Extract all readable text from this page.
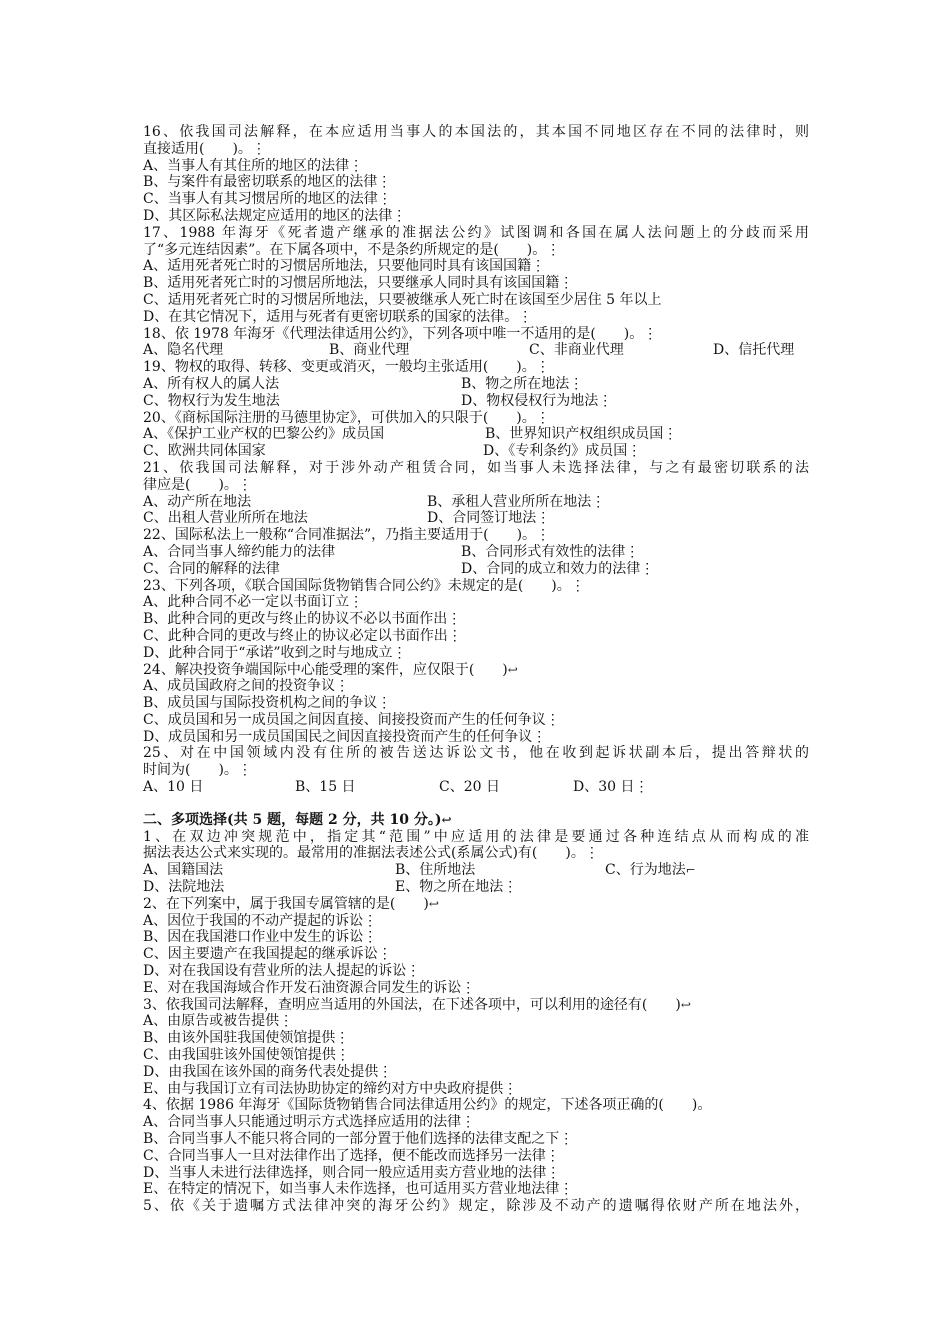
16、依我国司法解释，在本应适用当事人的本国法的，其本国不同地区存在不同的法律时，则
直接适用(　　)。⋮
A、当事人有其住所的地区的法律⋮
B、与案件有最密切联系的地区的法律⋮
C、当事人有其习惯居所的地区的法律⋮
D、其区际私法规定应适用的地区的法律⋮
17、1988 年海牙《死者遗产继承的准据法公约》试图调和各国在属人法问题上的分歧而采用
了“多元连结因素”。在下属各项中，不是条约所规定的是(　　)。⋮
A、适用死者死亡时的习惯居所地法，只要他同时具有该国国籍⋮
B、适用死者死亡时的习惯居所地法，只要继承人同时具有该国国籍⋮
C、适用死者死亡时的习惯居所地法，只要被继承人死亡时在该国至少居住 5 年以上
D、在其它情况下，适用与死者有更密切联系的国家的法律。⋮
18、依 1978 年海牙《代理法律适用公约》，下列各项中唯一不适用的是(　　)。⋮
A、隐名代理	B、商业代理	C、非商业代理	D、信托代理
19、物权的取得、转移、变更或消灭，一般均主张适用(　　)。⋮
A、所有权人的属人法	B、物之所在地法⋮
C、物权行为发生地法	D、物权侵权行为地法⋮
20、《商标国际注册的马德里协定》，可供加入的只限于(　　)。⋮
A、《保护工业产权的巴黎公约》成员国	B、世界知识产权组织成员国⋮
C、欧洲共同体国家	D、《专利条约》成员国⋮
21、依我国司法解释，对于涉外动产租赁合同，如当事人未选择法律，与之有最密切联系的法
律应是(　　)。⋮
A、动产所在地法	B、承租人营业所所在地法⋮
C、出租人营业所所在地法	D、合同签订地法⋮
22、国际私法上一般称“合同准据法”，乃指主要适用于(　　)。⋮
A、合同当事人缔约能力的法律	B、合同形式有效性的法律⋮
C、合同的解释的法律	D、合同的成立和效力的法律⋮
23、下列各项，《联合国国际货物销售合同公约》未规定的是(　　)。⋮
A、此种合同不必一定以书面订立⋮
B、此种合同的更改与终止的协议不必以书面作出⋮
C、此种合同的更改与终止的协议必定以书面作出⋮
D、此种合同于“承诺”收到之时与地成立⋮
24、解决投资争端国际中心能受理的案件，应仅限于(　　)↩
A、成员国政府之间的投资争议⋮
B、成员国与国际投资机构之间的争议⋮
C、成员国和另一成员国之间因直接、间接投资而产生的任何争议⋮
D、成员国和另一成员国国民之间因直接投资而产生的任何争议⋮
25、对在中国领域内没有住所的被告送达诉讼文书，他在收到起诉状副本后，提出答辩状的
时间为(　　)。⋮
A、10 日	B、15 日	C、20 日	D、30 日⋮
二、多项选择(共 5 题，每题 2 分，共 10 分。)↩
1、在双边冲突规范中，指定其“范围”中应适用的法律是要通过各种连结点从而构成的准
据法表达公式来实现的。最常用的准据法表述公式(系属公式)有(　　)。⋮
A、国籍国法	B、住所地法	C、行为地法⌐
D、法院地法	E、物之所在地法⋮
2、在下列案中，属于我国专属管辖的是(　　)↩
A、因位于我国的不动产提起的诉讼⋮
B、因在我国港口作业中发生的诉讼⋮
C、因主要遗产在我国提起的继承诉讼⋮
D、对在我国设有营业所的法人提起的诉讼⋮
E、对在我国海域合作开发石油资源合同发生的诉讼⋮
3、依我国司法解释，查明应当适用的外国法，在下述各项中，可以利用的途径有(　　)↩
A、由原告或被告提供⋮
B、由该外国驻我国使领馆提供⋮
C、由我国驻该外国使领馆提供⋮
D、由我国在该外国的商务代表处提供⋮
E、由与我国订立有司法协助协定的缔约对方中央政府提供⋮
4、依据 1986 年海牙《国际货物销售合同法律适用公约》的规定，下述各项正确的(　　)。
A、合同当事人只能通过明示方式选择应适用的法律⋮
B、合同当事人不能只将合同的一部分置于他们选择的法律支配之下⋮
C、合同当事人一旦对法律作出了选择，便不能改而选择另一法律⋮
D、当事人未进行法律选择，则合同一般应适用卖方营业地的法律⋮
E、在特定的情况下，如当事人未作选择，也可适用买方营业地法律⋮
5、依《关于遗嘱方式法律冲突的海牙公约》规定，除涉及不动产的遗嘱得依财产所在地法外，
